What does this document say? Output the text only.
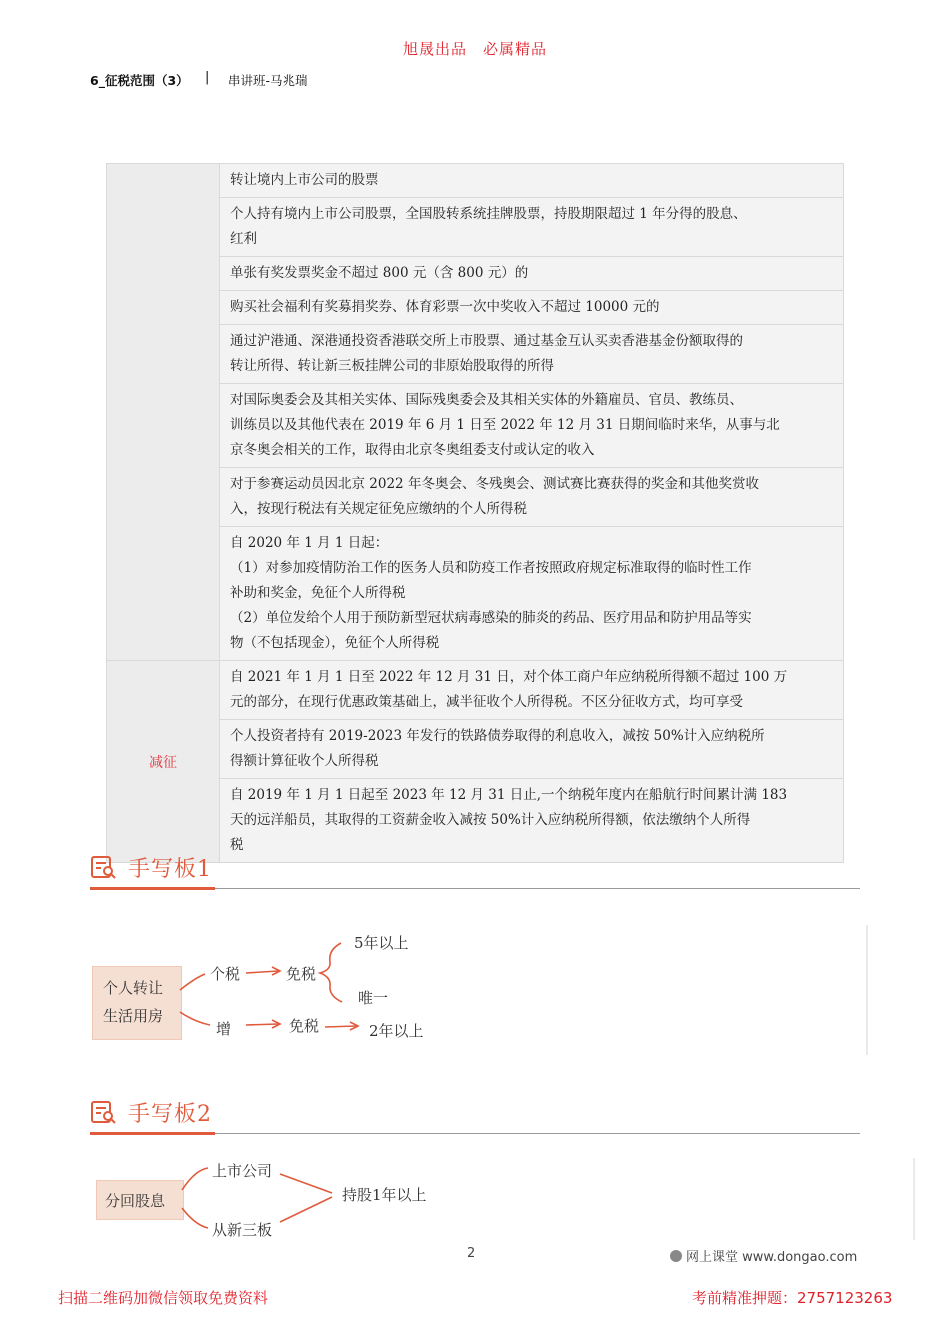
旭晟出品　必属精品
6_征税范围（3） | 串讲班-马兆瑞

	转让境内上市公司的股票

	个人持有境内上市公司股票，全国股转系统挂牌股票，持股期限超过 1 年分得的股息、
红利

	单张有奖发票奖金不超过 800 元（含 800 元）的

	购买社会福利有奖募捐奖券、体育彩票一次中奖收入不超过 10000 元的

	通过沪港通、深港通投资香港联交所上市股票、通过基金互认买卖香港基金份额取得的
转让所得、转让新三板挂牌公司的非原始股取得的所得

	对国际奥委会及其相关实体、国际残奥委会及其相关实体的外籍雇员、官员、教练员、
训练员以及其他代表在 2019 年 6 月 1 日至 2022 年 12 月 31 日期间临时来华，从事与北
京冬奥会相关的工作，取得由北京冬奥组委支付或认定的收入

	对于参赛运动员因北京 2022 年冬奥会、冬残奥会、测试赛比赛获得的奖金和其他奖赏收
入，按现行税法有关规定征免应缴纳的个人所得税

	自 2020 年 1 月 1 日起：
（1）对参加疫情防治工作的医务人员和防疫工作者按照政府规定标准取得的临时性工作
补助和奖金，免征个人所得税
（2）单位发给个人用于预防新型冠状病毒感染的肺炎的药品、医疗用品和防护用品等实
物（不包括现金），免征个人所得税

减征	自 2021 年 1 月 1 日至 2022 年 12 月 31 日，对个体工商户年应纳税所得额不超过 100 万
元的部分，在现行优惠政策基础上，减半征收个人所得税。不区分征收方式，均可享受

	个人投资者持有 2019-2023 年发行的铁路债券取得的利息收入，减按 50%计入应纳税所
得额计算征收个人所得税

	自 2019 年 1 月 1 日起至 2023 年 12 月 31 日止,一个纳税年度内在船航行时间累计满 183
天的远洋船员，其取得的工资薪金收入减按 50%计入应纳税所得额，依法缴纳个人所得
税
手写板1
个人转让
生活用房
个税	免税
5年以上
唯一
增	免税	2年以上
手写板2
分回股息
上市公司
从新三板
持股1年以上
2	网上课堂 www.dongao.com
扫描二维码加微信领取免费资料	考前精准押题：2757123263
